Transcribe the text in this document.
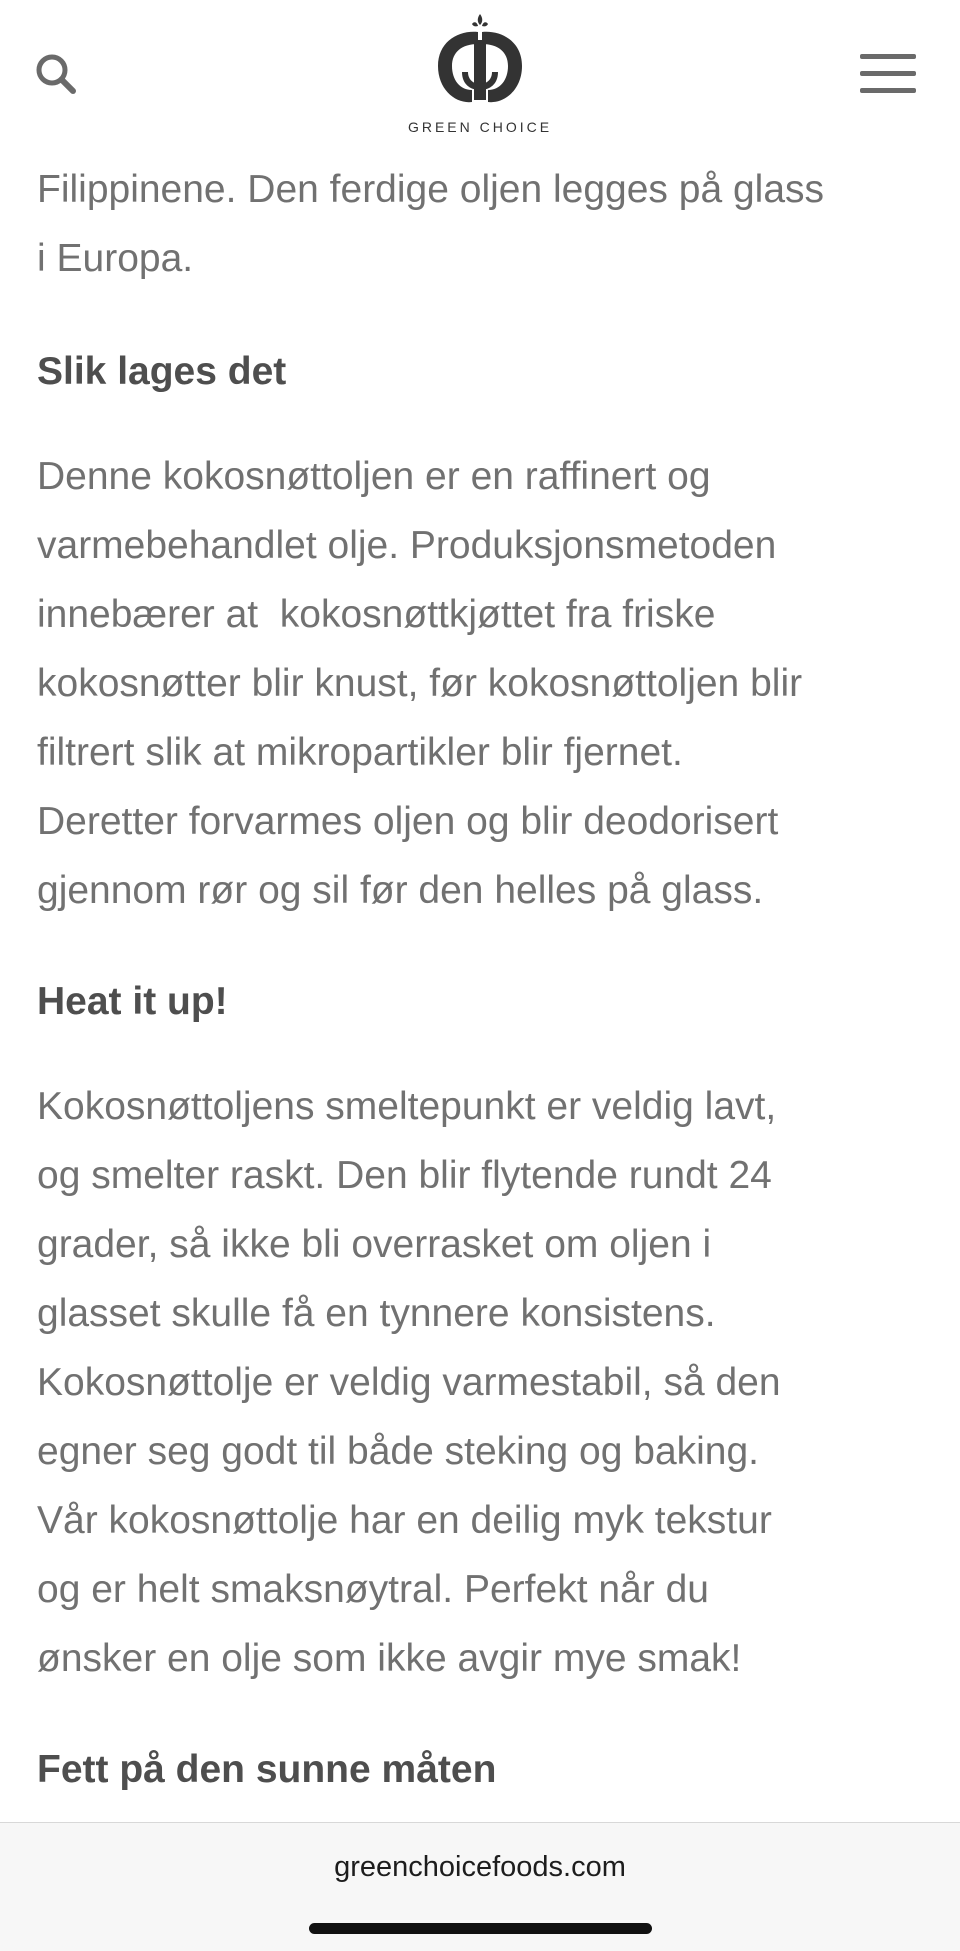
GREEN CHOICE
Filippinene. Den ferdige oljen legges på glass
i Europa.
Slik lages det
Denne kokosnøttoljen er en raffinert og
varmebehandlet olje. Produksjonsmetoden
innebærer at  kokosnøttkjøttet fra friske
kokosnøtter blir knust, før kokosnøttoljen blir
filtrert slik at mikropartikler blir fjernet.
Deretter forvarmes oljen og blir deodorisert
gjennom rør og sil før den helles på glass.
Heat it up!
Kokosnøttoljens smeltepunkt er veldig lavt,
og smelter raskt. Den blir flytende rundt 24
grader, så ikke bli overrasket om oljen i
glasset skulle få en tynnere konsistens.
Kokosnøttolje er veldig varmestabil, så den
egner seg godt til både steking og baking.
Vår kokosnøttolje har en deilig myk tekstur
og er helt smaksnøytral. Perfekt når du
ønsker en olje som ikke avgir mye smak!
Fett på den sunne måten
greenchoicefoods.com
